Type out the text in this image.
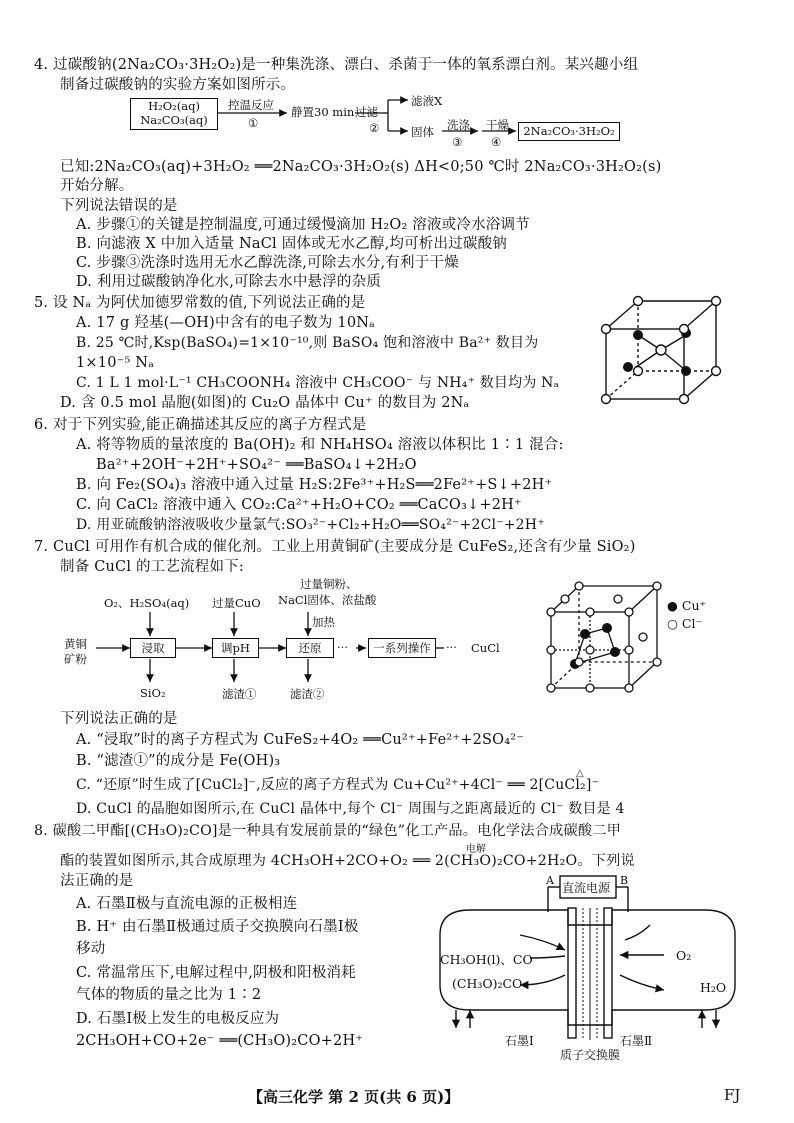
4. 过碳酸钠(2Na₂CO₃·3H₂O₂)是一种集洗涤、漂白、杀菌于一体的氧系漂白剂。某兴趣小组
制备过碳酸钠的实验方案如图所示。
H₂O₂(aq)
Na₂CO₃(aq)
控温反应
①
静置30 min 过滤
②
滤液X
固体 洗涤
③
干燥
④
2Na₂CO₃·3H₂O₂
已知:2Na₂CO₃(aq)+3H₂O₂ ══2Na₂CO₃·3H₂O₂(s) ΔH<0;50 ℃时 2Na₂CO₃·3H₂O₂(s)
开始分解。
下列说法错误的是
A. 步骤①的关键是控制温度,可通过缓慢滴加 H₂O₂ 溶液或冷水浴调节
B. 向滤液 X 中加入适量 NaCl 固体或无水乙醇,均可析出过碳酸钠
C. 步骤③洗涤时选用无水乙醇洗涤,可除去水分,有利于干燥
D. 利用过碳酸钠净化水,可除去水中悬浮的杂质
5. 设 Nₐ 为阿伏加德罗常数的值,下列说法正确的是
A. 17 g 羟基(—OH)中含有的电子数为 10Nₐ
B. 25 ℃时,Ksp(BaSO₄)=1×10⁻¹⁰,则 BaSO₄ 饱和溶液中 Ba²⁺ 数目为
1×10⁻⁵ Nₐ
C. 1 L 1 mol·L⁻¹ CH₃COONH₄ 溶液中 CH₃COO⁻ 与 NH₄⁺ 数目均为 Nₐ
D. 含 0.5 mol 晶胞(如图)的 Cu₂O 晶体中 Cu⁺ 的数目为 2Nₐ
6. 对于下列实验,能正确描述其反应的离子方程式是
A. 将等物质的量浓度的 Ba(OH)₂ 和 NH₄HSO₄ 溶液以体积比 1∶1 混合:
Ba²⁺+2OH⁻+2H⁺+SO₄²⁻ ══BaSO₄↓+2H₂O
B. 向 Fe₂(SO₄)₃ 溶液中通入过量 H₂S:2Fe³⁺+H₂S══2Fe²⁺+S↓+2H⁺
C. 向 CaCl₂ 溶液中通入 CO₂:Ca²⁺+H₂O+CO₂ ══CaCO₃↓+2H⁺
D. 用亚硫酸钠溶液吸收少量氯气:SO₃²⁻+Cl₂+H₂O══SO₄²⁻+2Cl⁻+2H⁺
7. CuCl 可用作有机合成的催化剂。工业上用黄铜矿(主要成分是 CuFeS₂,还含有少量 SiO₂)
制备 CuCl 的工艺流程如下:
黄铜
矿粉
O₂、H₂SO₄(aq) 过量CuO
过量铜粉、
NaCl固体、浓盐酸
加热
浸取	调pH	还原	···	一系列操作	··· CuCl
SiO₂	滤渣①	滤渣②
● Cu⁺
○ Cl⁻
下列说法正确的是
A. “浸取”时的离子方程式为 CuFeS₂+4O₂ ══Cu²⁺+Fe²⁺+2SO₄²⁻
B. “滤渣①”的成分是 Fe(OH)₃
C. “还原”时生成了[CuCl₂]⁻,反应的离子方程式为 Cu+Cu²⁺+4Cl⁻ ══ 2[CuCl₂]⁻
△
D. CuCl 的晶胞如图所示,在 CuCl 晶体中,每个 Cl⁻ 周围与之距离最近的 Cl⁻ 数目是 4
8. 碳酸二甲酯[(CH₃O)₂CO]是一种具有发展前景的“绿色”化工产品。电化学法合成碳酸二甲
电解
酯的装置如图所示,其合成原理为 4CH₃OH+2CO+O₂ ══ 2(CH₃O)₂CO+2H₂O。下列说
法正确的是
A. 石墨Ⅱ极与直流电源的正极相连
B. H⁺ 由石墨Ⅱ极通过质子交换膜向石墨Ⅰ极
移动
C. 常温常压下,电解过程中,阴极和阳极消耗
气体的物质的量之比为 1∶2
D. 石墨Ⅰ极上发生的电极反应为
2CH₃OH+CO+2e⁻ ══(CH₃O)₂CO+2H⁺
直流电源
A	B
CH₃OH(l)、CO
(CH₃O)₂CO
O₂
H₂O
石墨Ⅰ
质子交换膜
石墨Ⅱ
【高三化学 第 2 页(共 6 页)】	FJ
